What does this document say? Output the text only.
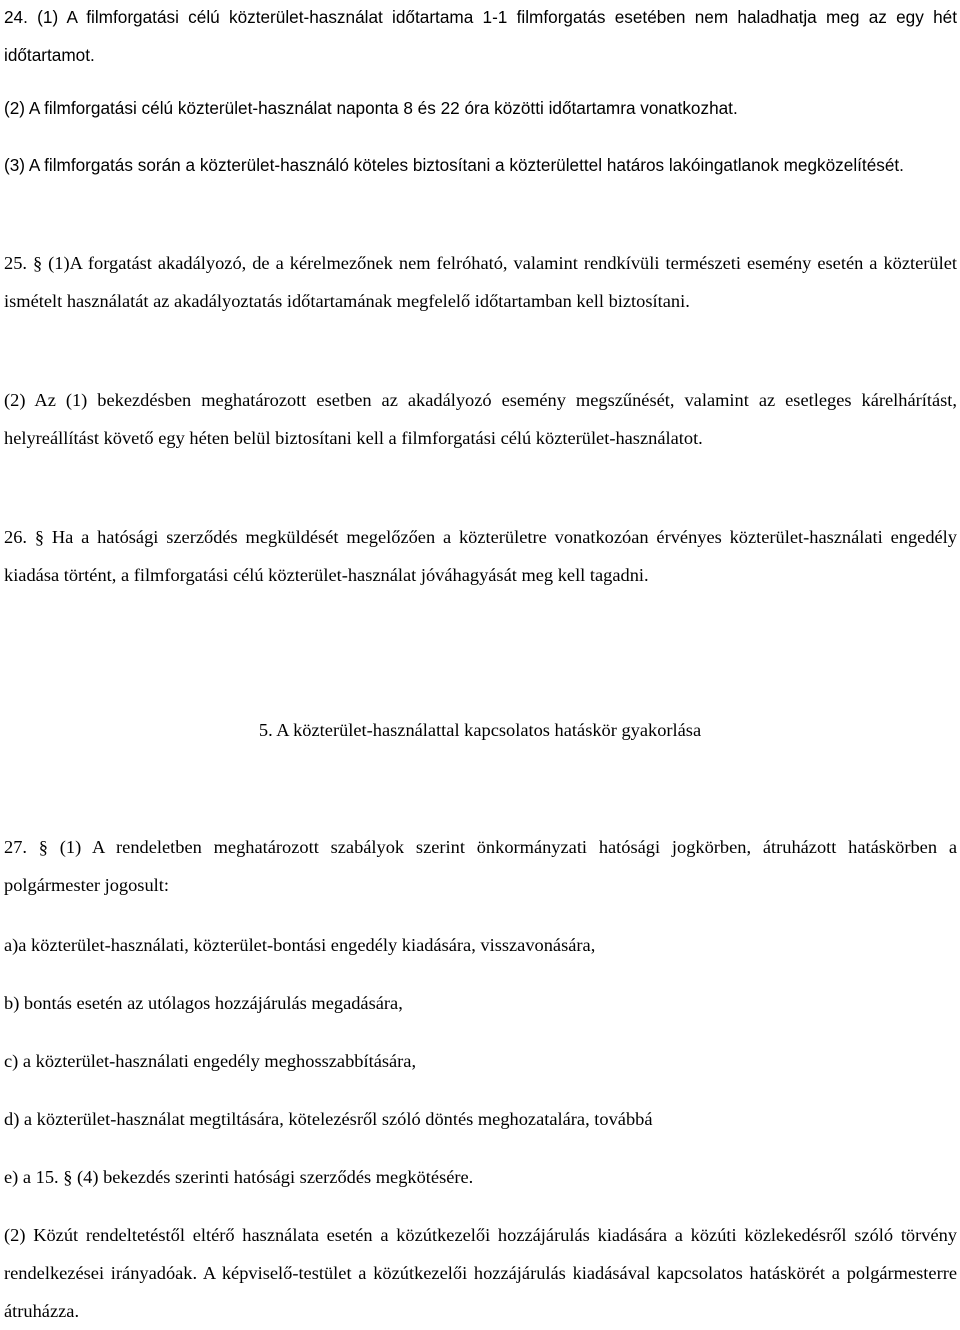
24. (1) A filmforgatási célú közterület-használat időtartama 1-1 filmforgatás esetében nem haladhatja meg az egy hét időtartamot.

(2) A filmforgatási célú közterület-használat naponta 8 és 22 óra közötti időtartamra vonatkozhat.

(3) A filmforgatás során a közterület-használó köteles biztosítani a közterülettel határos lakóingatlanok megközelítését.

25. § (1)A forgatást akadályozó, de a kérelmezőnek nem felróható, valamint rendkívüli természeti esemény esetén a közterület ismételt használatát az akadályoztatás időtartamának megfelelő időtartamban kell biztosítani.

(2) Az (1) bekezdésben meghatározott esetben az akadályozó esemény megszűnését, valamint az esetleges kárelhárítást, helyreállítást követő egy héten belül biztosítani kell a filmforgatási célú közterület-használatot.

26. § Ha a hatósági szerződés megküldését megelőzően a közterületre vonatkozóan érvényes közterület-használati engedély kiadása történt, a filmforgatási célú közterület-használat jóváhagyását meg kell tagadni.

5. A közterület-használattal kapcsolatos hatáskör gyakorlása

27. § (1) A rendeletben meghatározott szabályok szerint önkormányzati hatósági jogkörben, átruházott hatáskörben a polgármester jogosult:

a)a közterület-használati, közterület-bontási engedély kiadására, visszavonására,

b) bontás esetén az utólagos hozzájárulás megadására,

c) a közterület-használati engedély meghosszabbítására,

d) a közterület-használat megtiltására, kötelezésről szóló döntés meghozatalára, továbbá

e) a 15. § (4) bekezdés szerinti hatósági szerződés megkötésére.

(2) Közút rendeltetéstől eltérő használata esetén a közútkezelői hozzájárulás kiadására a közúti közlekedésről szóló törvény rendelkezései irányadóak. A képviselő-testület a közútkezelői hozzájárulás kiadásával kapcsolatos hatáskörét a polgármesterre átruházza.
